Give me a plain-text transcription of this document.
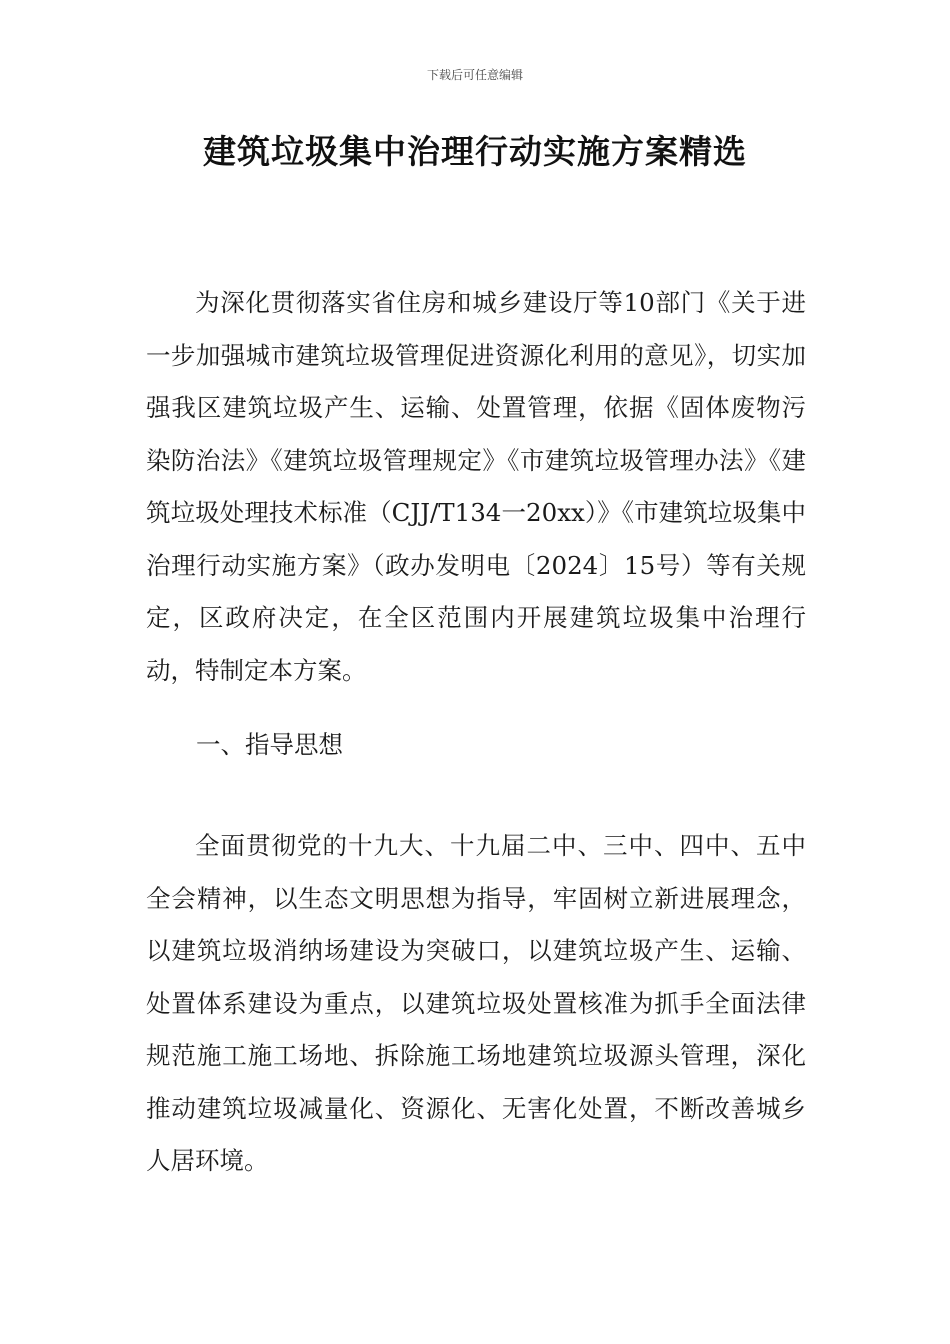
下载后可任意编辑
建筑垃圾集中治理行动实施方案精选

为深化贯彻落实省住房和城乡建设厅等10部门《关于进一步加强城市建筑垃圾管理促进资源化利用的意见》，切实加强我区建筑垃圾产生、运输、处置管理，依据《固体废物污染防治法》《建筑垃圾管理规定》《市建筑垃圾管理办法》《建筑垃圾处理技术标准（CJJ/T134一20xx）》《市建筑垃圾集中治理行动实施方案》（政办发明电〔2024〕15号）等有关规定，区政府决定，在全区范围内开展建筑垃圾集中治理行动，特制定本方案。

一、指导思想

全面贯彻党的十九大、十九届二中、三中、四中、五中全会精神，以生态文明思想为指导，牢固树立新进展理念，以建筑垃圾消纳场建设为突破口，以建筑垃圾产生、运输、处置体系建设为重点，以建筑垃圾处置核准为抓手全面法律规范施工施工场地、拆除施工场地建筑垃圾源头管理，深化推动建筑垃圾减量化、资源化、无害化处置，不断改善城乡人居环境。
